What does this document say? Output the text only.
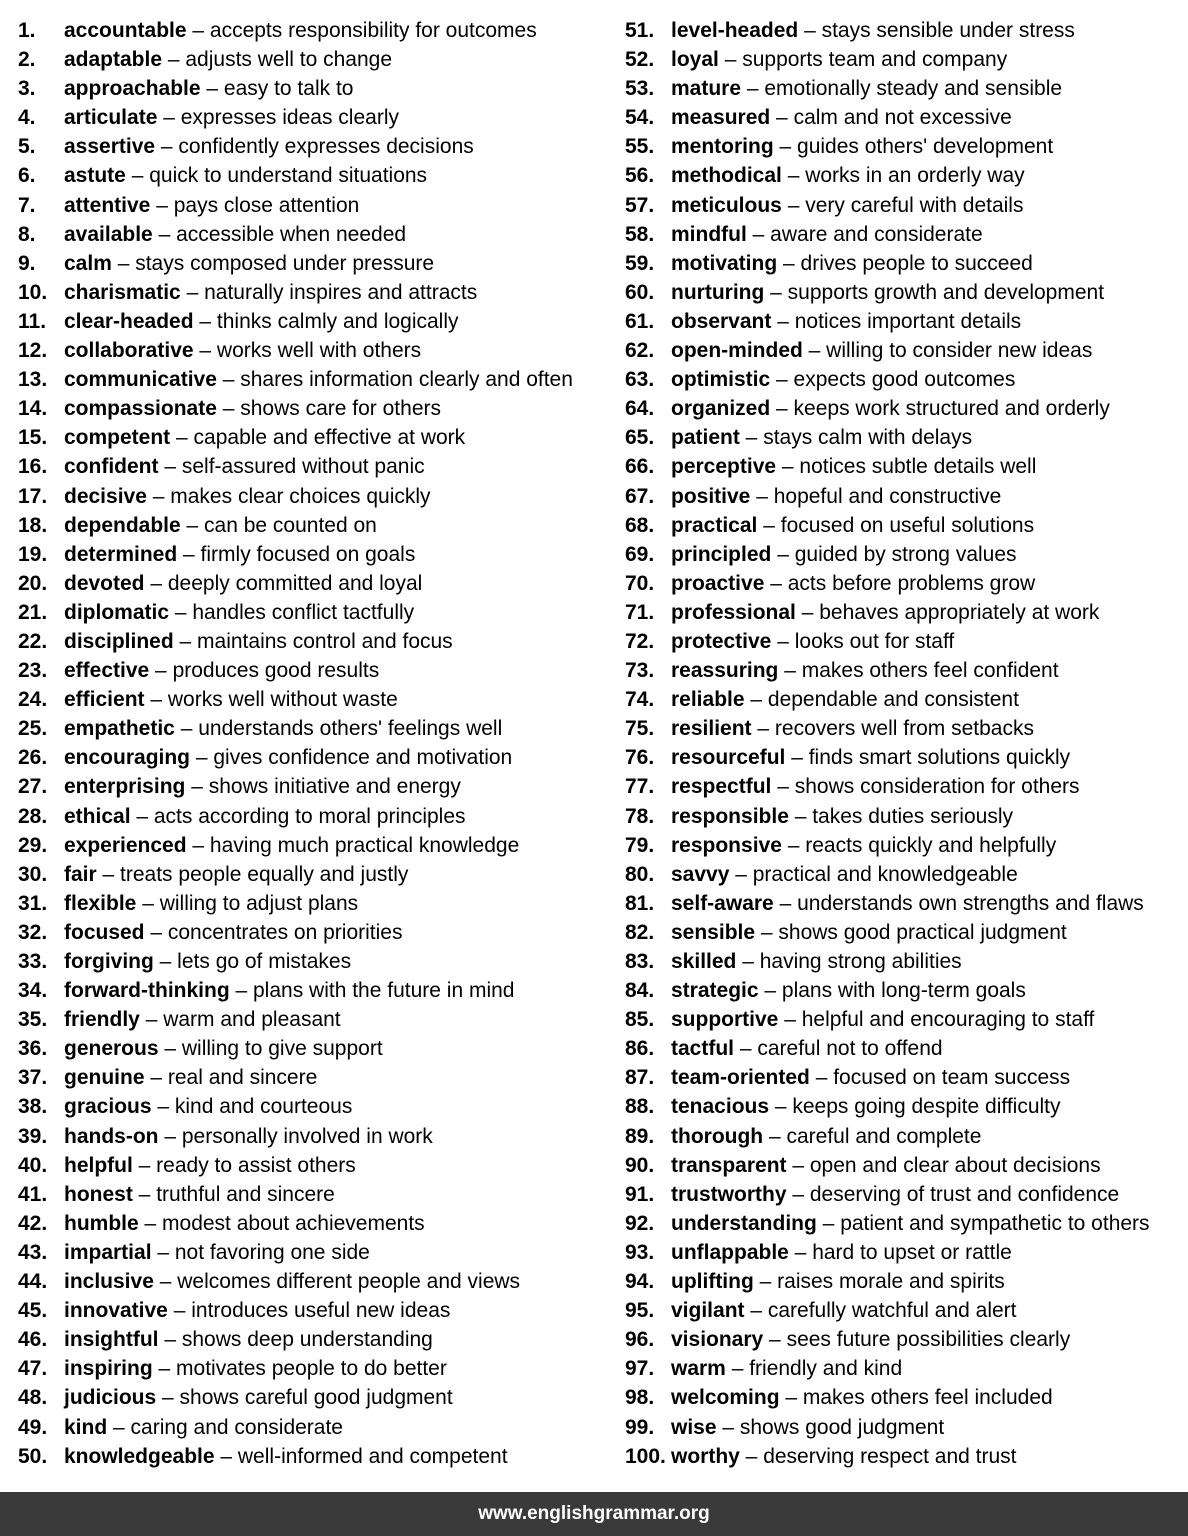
1.	accountable – accepts responsibility for outcomes
2.	adaptable – adjusts well to change
3.	approachable – easy to talk to
4.	articulate – expresses ideas clearly
5.	assertive – confidently expresses decisions
6.	astute – quick to understand situations
7.	attentive – pays close attention
8.	available – accessible when needed
9.	calm – stays composed under pressure
10. charismatic – naturally inspires and attracts
11. clear-headed – thinks calmly and logically
12. collaborative – works well with others
13. communicative – shares information clearly and often
14. compassionate – shows care for others
15. competent – capable and effective at work
16. confident – self-assured without panic
17. decisive – makes clear choices quickly
18. dependable – can be counted on
19. determined – firmly focused on goals
20. devoted – deeply committed and loyal
21. diplomatic – handles conflict tactfully
22. disciplined – maintains control and focus
23. effective – produces good results
24. efficient – works well without waste
25. empathetic – understands others' feelings well
26. encouraging – gives confidence and motivation
27. enterprising – shows initiative and energy
28. ethical – acts according to moral principles
29. experienced – having much practical knowledge
30. fair – treats people equally and justly
31. flexible – willing to adjust plans
32. focused – concentrates on priorities
33. forgiving – lets go of mistakes
34. forward-thinking – plans with the future in mind
35. friendly – warm and pleasant
36. generous – willing to give support
37. genuine – real and sincere
38. gracious – kind and courteous
39. hands-on – personally involved in work
40. helpful – ready to assist others
41. honest – truthful and sincere
42. humble – modest about achievements
43. impartial – not favoring one side
44. inclusive – welcomes different people and views
45. innovative – introduces useful new ideas
46. insightful – shows deep understanding
47. inspiring – motivates people to do better
48. judicious – shows careful good judgment
49. kind – caring and considerate
50. knowledgeable – well-informed and competent
51. level-headed – stays sensible under stress
52. loyal – supports team and company
53. mature – emotionally steady and sensible
54. measured – calm and not excessive
55. mentoring – guides others' development
56. methodical – works in an orderly way
57. meticulous – very careful with details
58. mindful – aware and considerate
59. motivating – drives people to succeed
60. nurturing – supports growth and development
61. observant – notices important details
62. open-minded – willing to consider new ideas
63. optimistic – expects good outcomes
64. organized – keeps work structured and orderly
65. patient – stays calm with delays
66. perceptive – notices subtle details well
67. positive – hopeful and constructive
68. practical – focused on useful solutions
69. principled – guided by strong values
70. proactive – acts before problems grow
71. professional – behaves appropriately at work
72. protective – looks out for staff
73. reassuring – makes others feel confident
74. reliable – dependable and consistent
75. resilient – recovers well from setbacks
76. resourceful – finds smart solutions quickly
77. respectful – shows consideration for others
78. responsible – takes duties seriously
79. responsive – reacts quickly and helpfully
80. savvy – practical and knowledgeable
81. self-aware – understands own strengths and flaws
82. sensible – shows good practical judgment
83. skilled – having strong abilities
84. strategic – plans with long-term goals
85. supportive – helpful and encouraging to staff
86. tactful – careful not to offend
87. team-oriented – focused on team success
88. tenacious – keeps going despite difficulty
89. thorough – careful and complete
90. transparent – open and clear about decisions
91. trustworthy – deserving of trust and confidence
92. understanding – patient and sympathetic to others
93. unflappable – hard to upset or rattle
94. uplifting – raises morale and spirits
95. vigilant – carefully watchful and alert
96. visionary – sees future possibilities clearly
97. warm – friendly and kind
98. welcoming – makes others feel included
99. wise – shows good judgment
100. worthy – deserving respect and trust
www.englishgrammar.org
